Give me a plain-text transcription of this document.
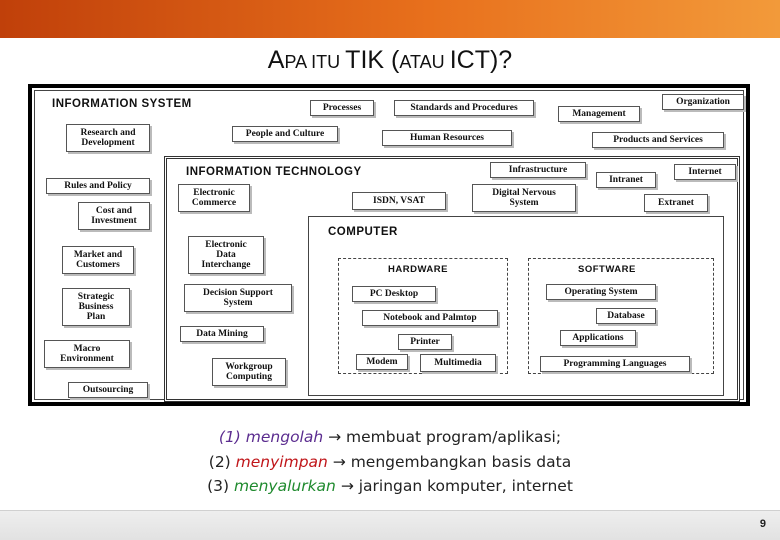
APA ITU TIK (ATAU ICT)?
INFORMATION SYSTEM	Processes	Standards and Procedures
Management
Organization
Research and
Development
People and Culture	Human Resources	Products and Services
Rules and Policy
Cost and
Investment
Market and
Customers
Strategic
Business
Plan
Macro
Environment
Outsourcing
INFORMATION TECHNOLOGY	Infrastructure	Internet
Intranet
Electronic
Commerce	ISDN, VSAT
Digital Nervous
System	Extranet
Electronic
Data
Interchange
Decision Support
System
Data Mining
Workgroup
Computing
COMPUTER
HARDWARE
PC Desktop
Notebook and Palmtop
Printer
Modem	Multimedia
SOFTWARE
Operating System
Database
Applications
Programming Languages
(1) mengolah → membuat program/aplikasi;
(2) menyimpan → mengembangkan basis data
(3) menyalurkan → jaringan komputer, internet
9
